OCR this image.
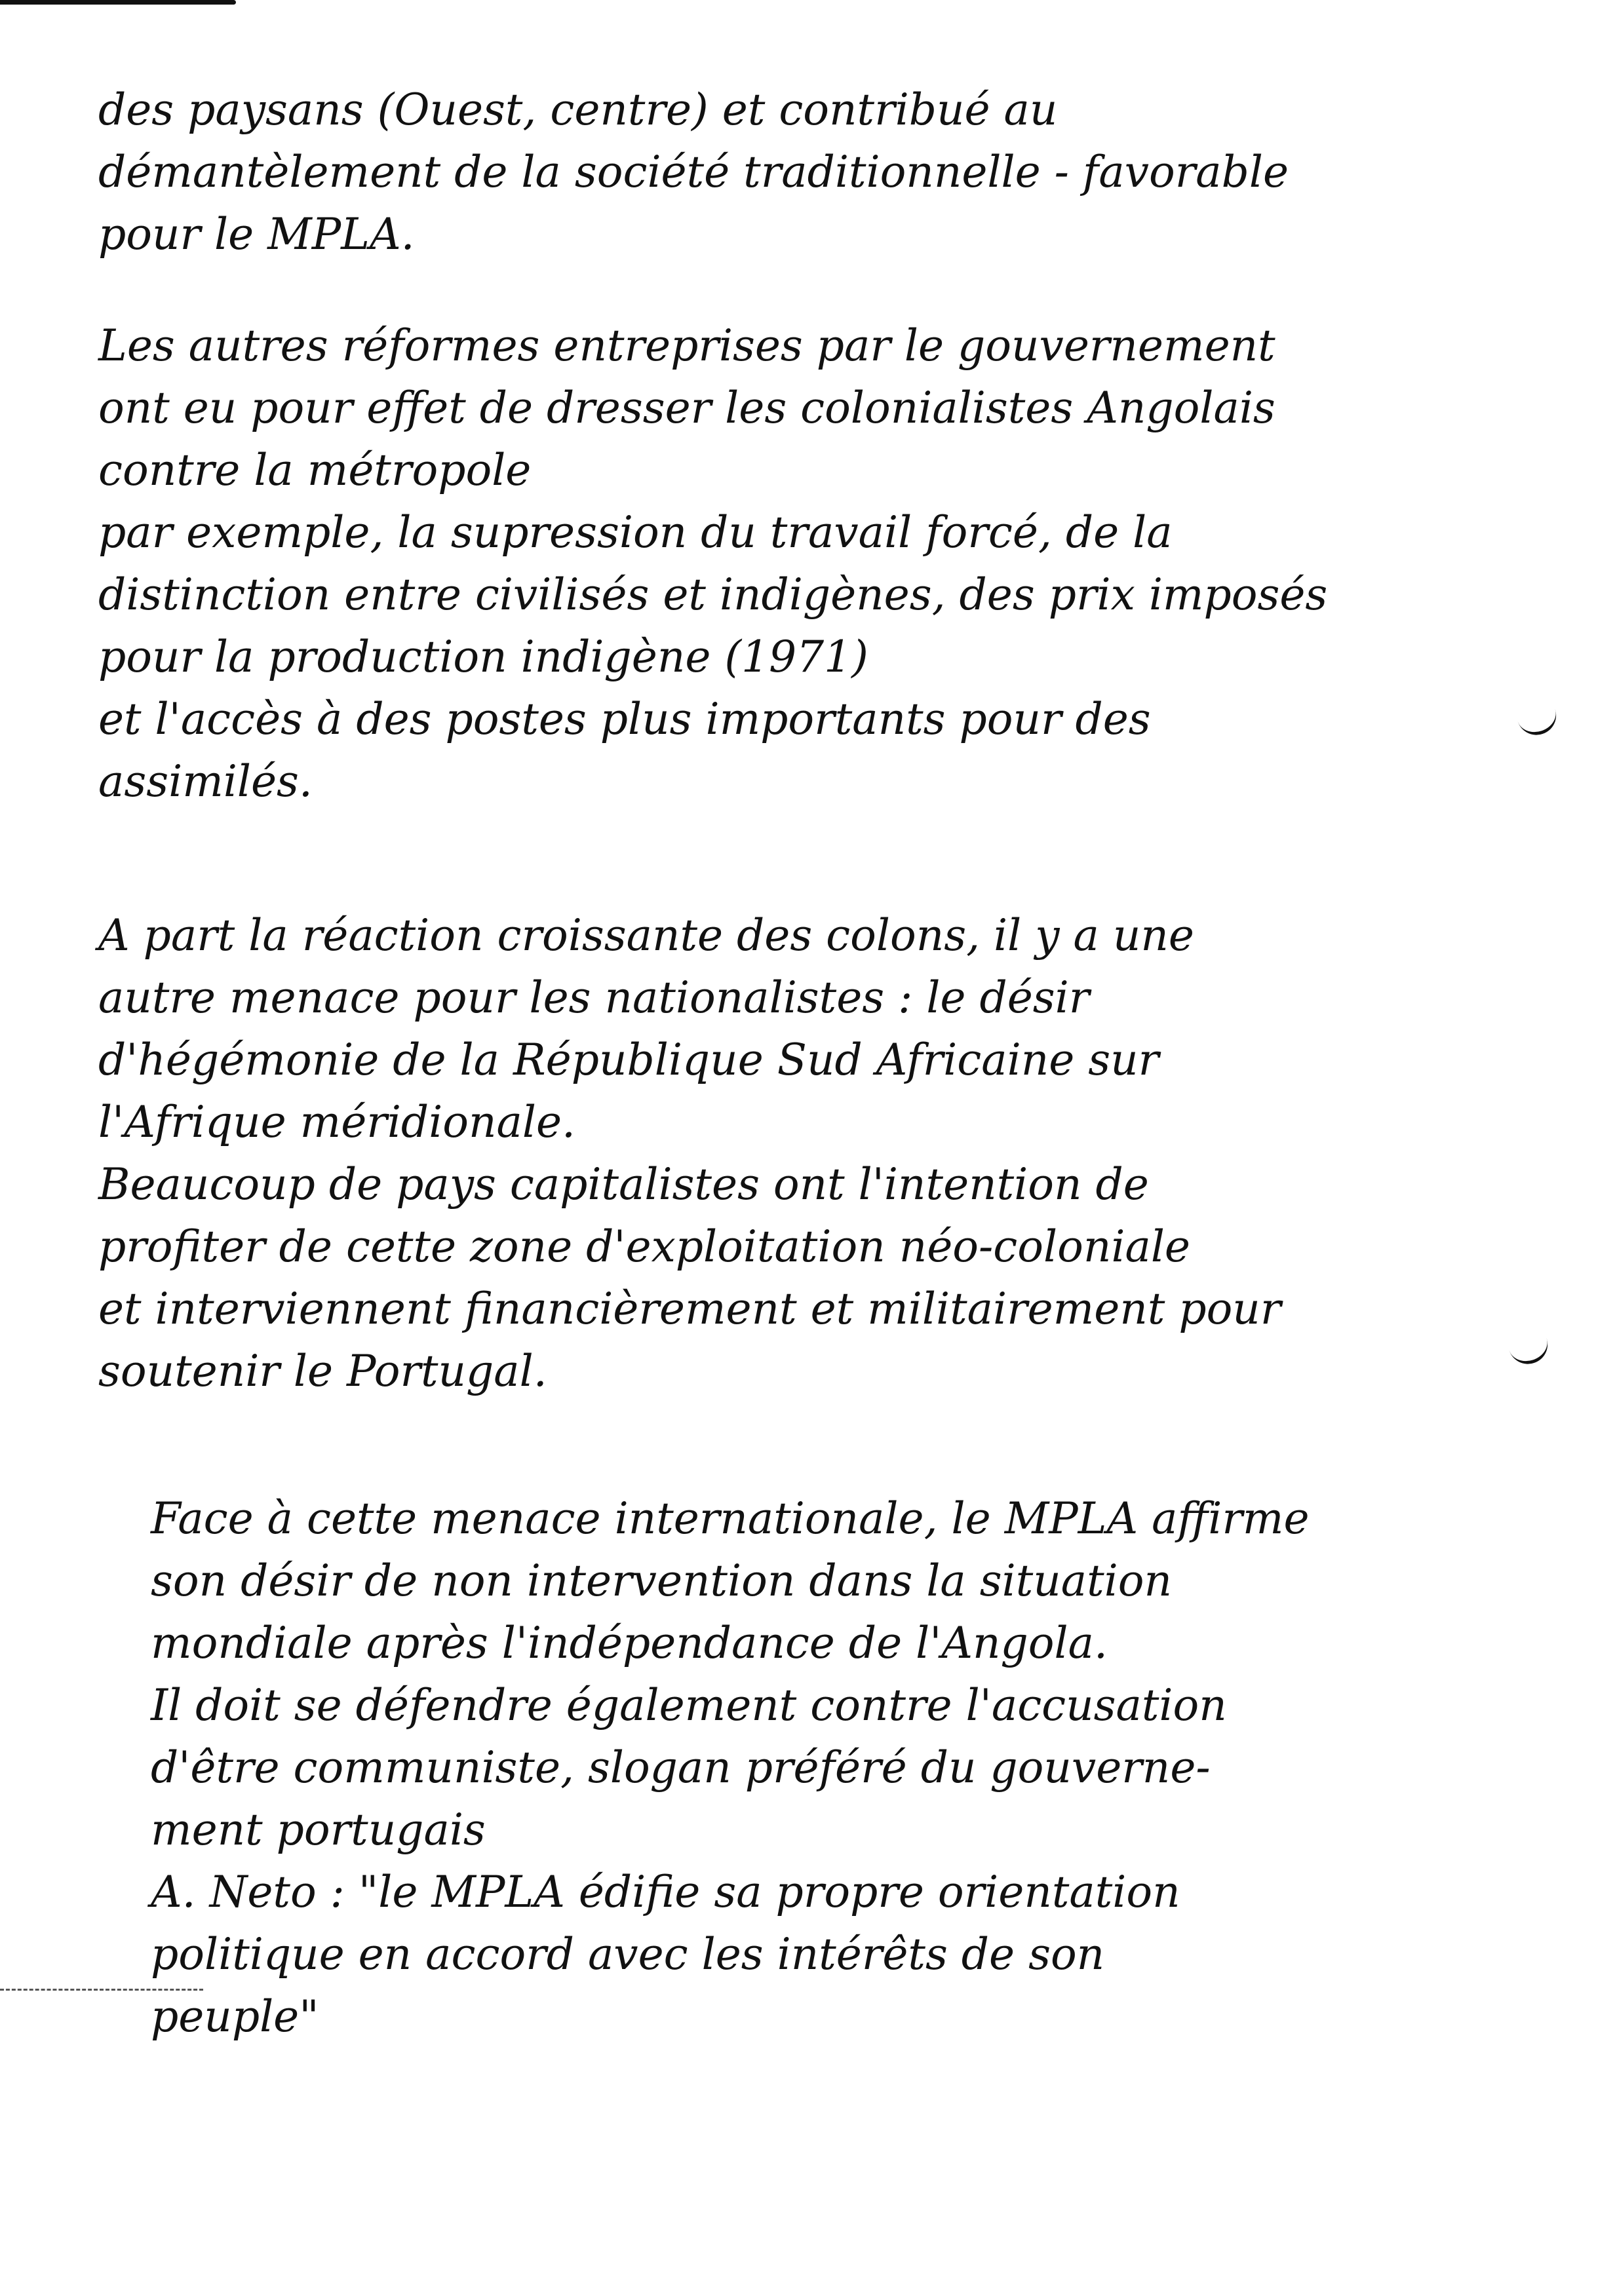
des paysans (Ouest, centre) et contribué au
démantèlement de la société traditionnelle - favorable
pour le MPLA.
Les autres réformes entreprises par le gouvernement
ont eu pour effet de dresser les colonialistes Angolais
contre la métropole
par exemple, la supression du travail forcé, de la
distinction entre civilisés et indigènes, des prix imposés
pour la production indigène (1971)
et l'accès à des postes plus importants pour des
assimilés.
A part la réaction croissante des colons, il y a une
autre menace pour les nationalistes : le désir
d'hégémonie de la République Sud Africaine sur
l'Afrique méridionale.
Beaucoup de pays capitalistes ont l'intention de
profiter de cette zone d'exploitation néo-coloniale
et interviennent financièrement et militairement pour
soutenir le Portugal.
Face à cette menace internationale, le MPLA affirme
son désir de non intervention dans la situation
mondiale après l'indépendance de l'Angola.
Il doit se défendre également contre l'accusation
d'être communiste, slogan préféré du gouverne-
ment portugais
A. Neto : "le MPLA édifie sa propre orientation
politique en accord avec les intérêts de son
peuple"
